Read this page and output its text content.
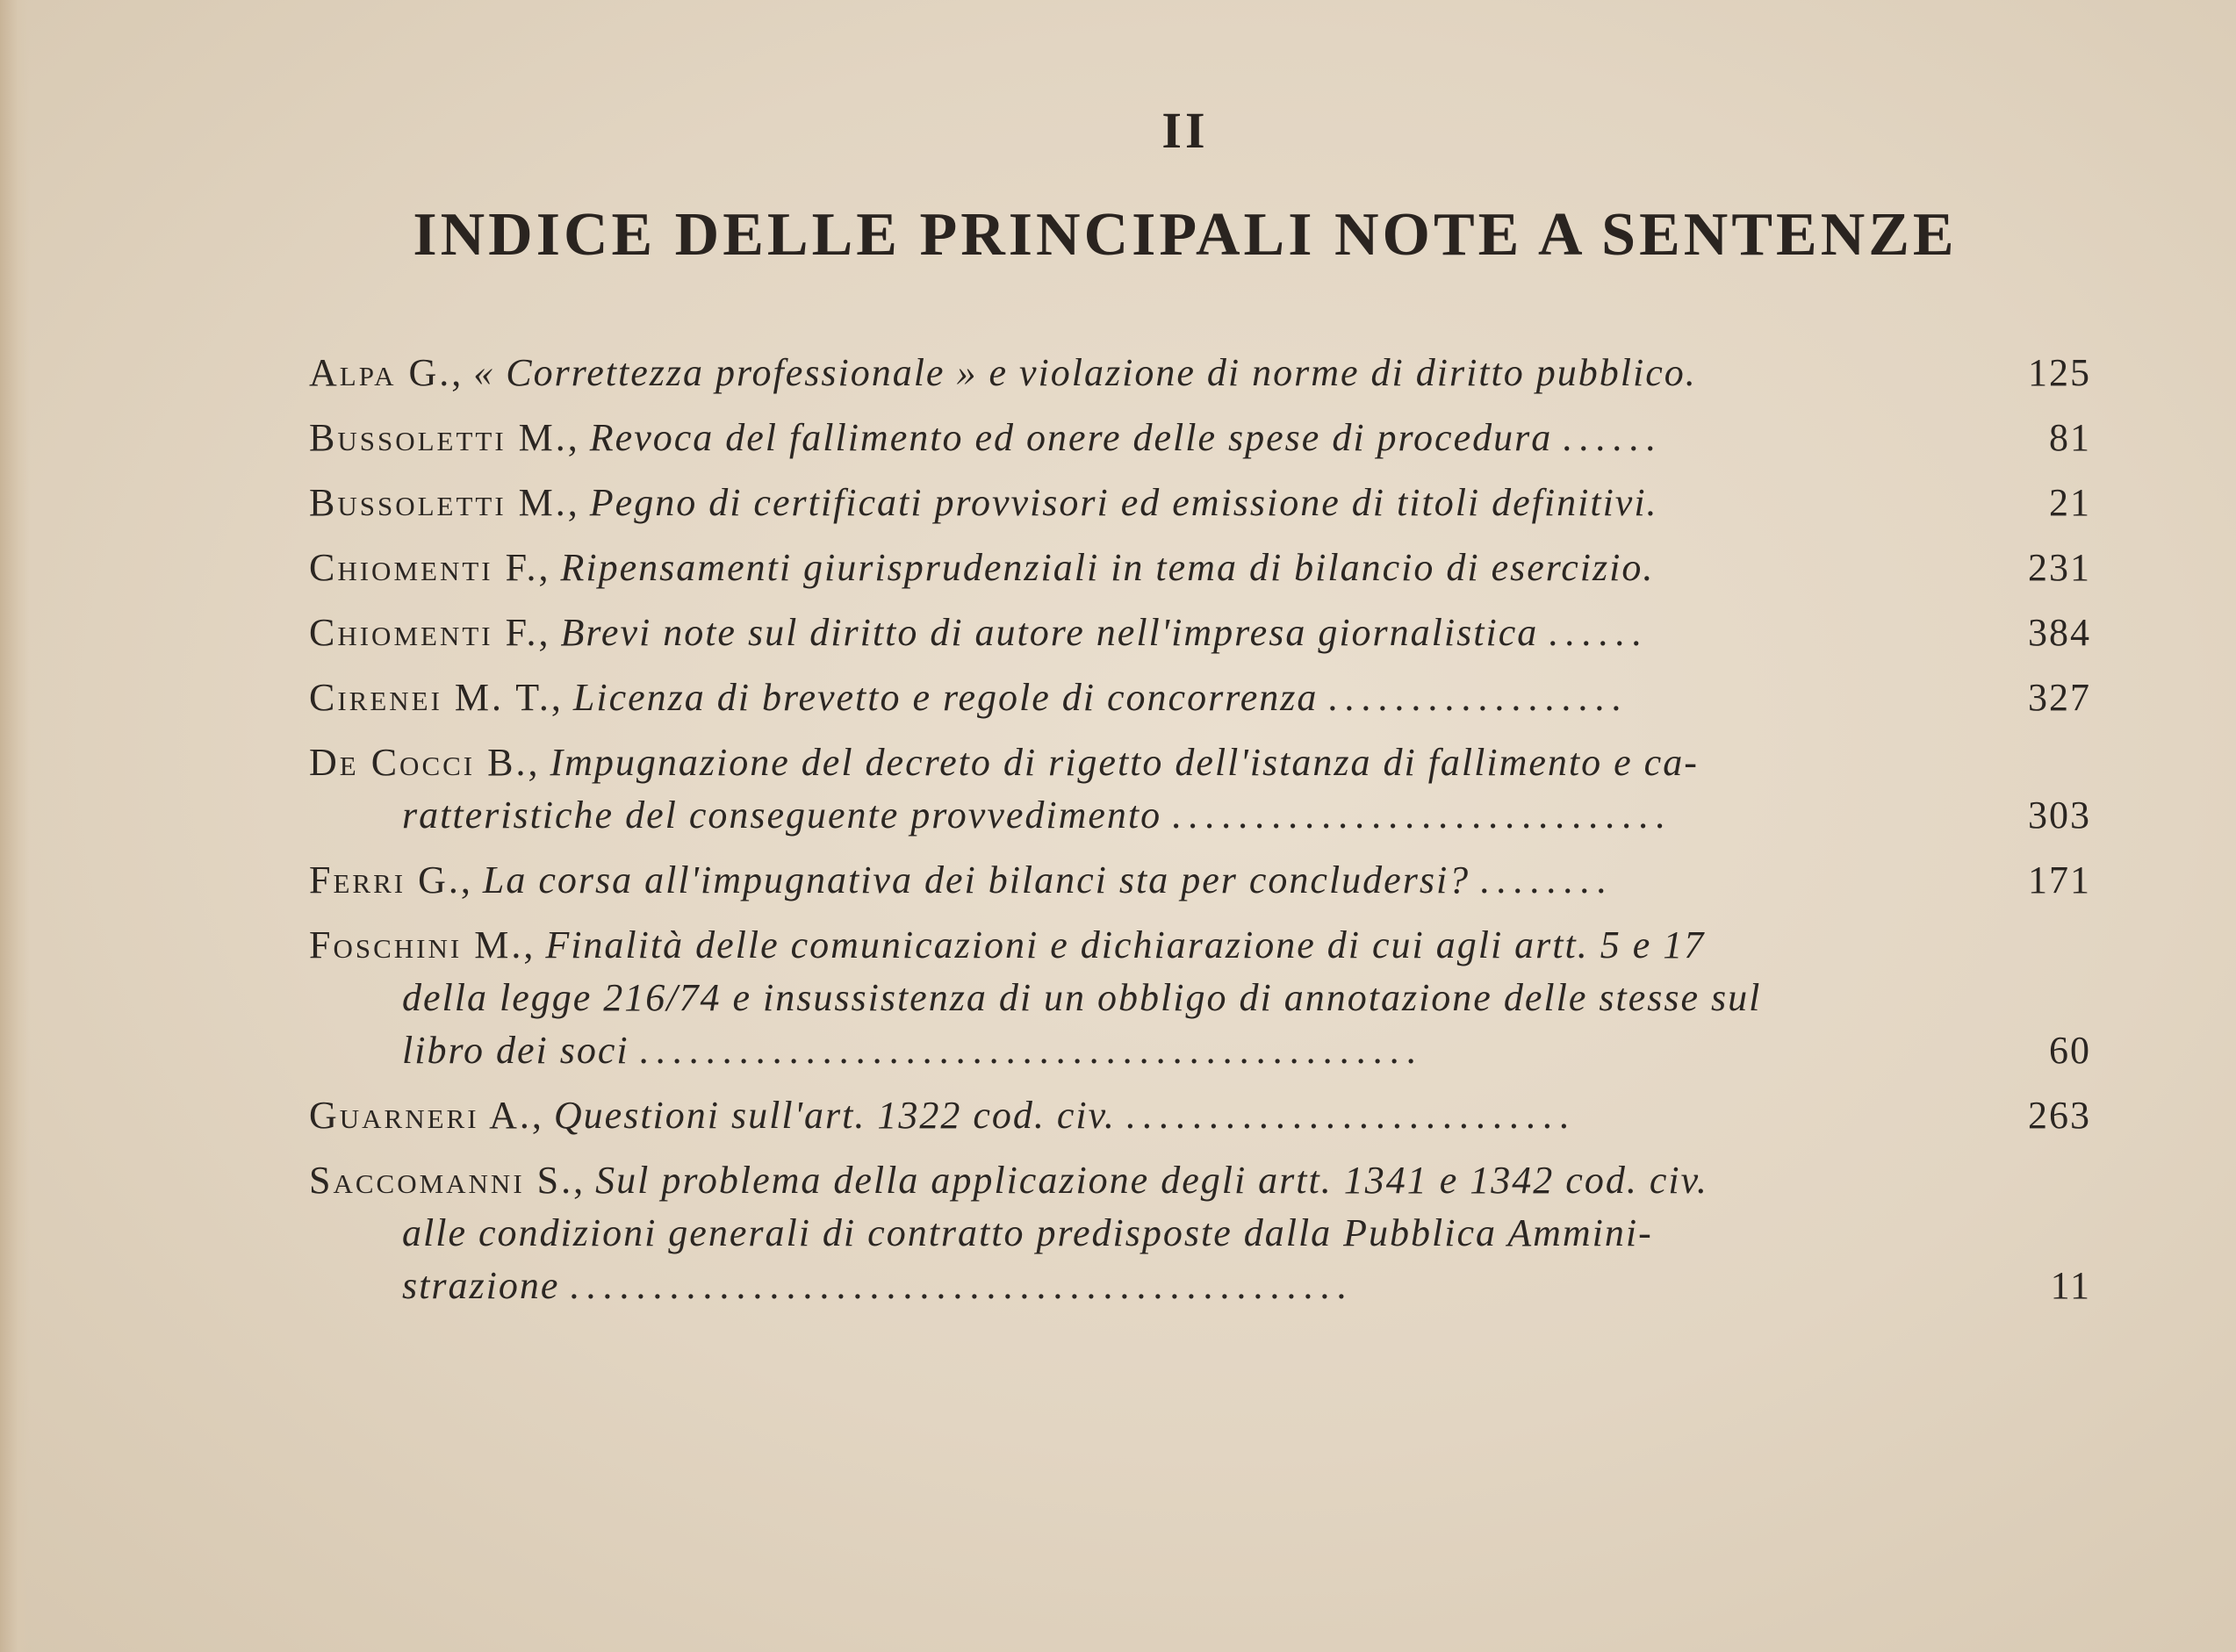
II
INDICE DELLE PRINCIPALI NOTE A SENTENZE
Alpa G., « Correttezza professionale » e violazione di norme di diritto pubblico.	125
Bussoletti M., Revoca del fallimento ed onere delle spese di procedura ......	81
Bussoletti M., Pegno di certificati provvisori ed emissione di titoli definitivi.	21
Chiomenti F., Ripensamenti giurisprudenziali in tema di bilancio di esercizio.	231
Chiomenti F., Brevi note sul diritto di autore nell'impresa giornalistica ......	384
Cirenei M. T., Licenza di brevetto e regole di concorrenza ..................	327
De Cocci B., Impugnazione del decreto di rigetto dell'istanza di fallimento e ca-
ratteristiche del conseguente provvedimento ..............................	303
Ferri G., La corsa all'impugnativa dei bilanci sta per concludersi? ........	171
Foschini M., Finalità delle comunicazioni e dichiarazione di cui agli artt. 5 e 17
della legge 216/74 e insussistenza di un obbligo di annotazione delle stesse sul
libro dei soci ...............................................	60
Guarneri A., Questioni sull'art. 1322 cod. civ. ...........................	263
Saccomanni S., Sul problema della applicazione degli artt. 1341 e 1342 cod. civ.
alle condizioni generali di contratto predisposte dalla Pubblica Ammini-
strazione ...............................................	11
